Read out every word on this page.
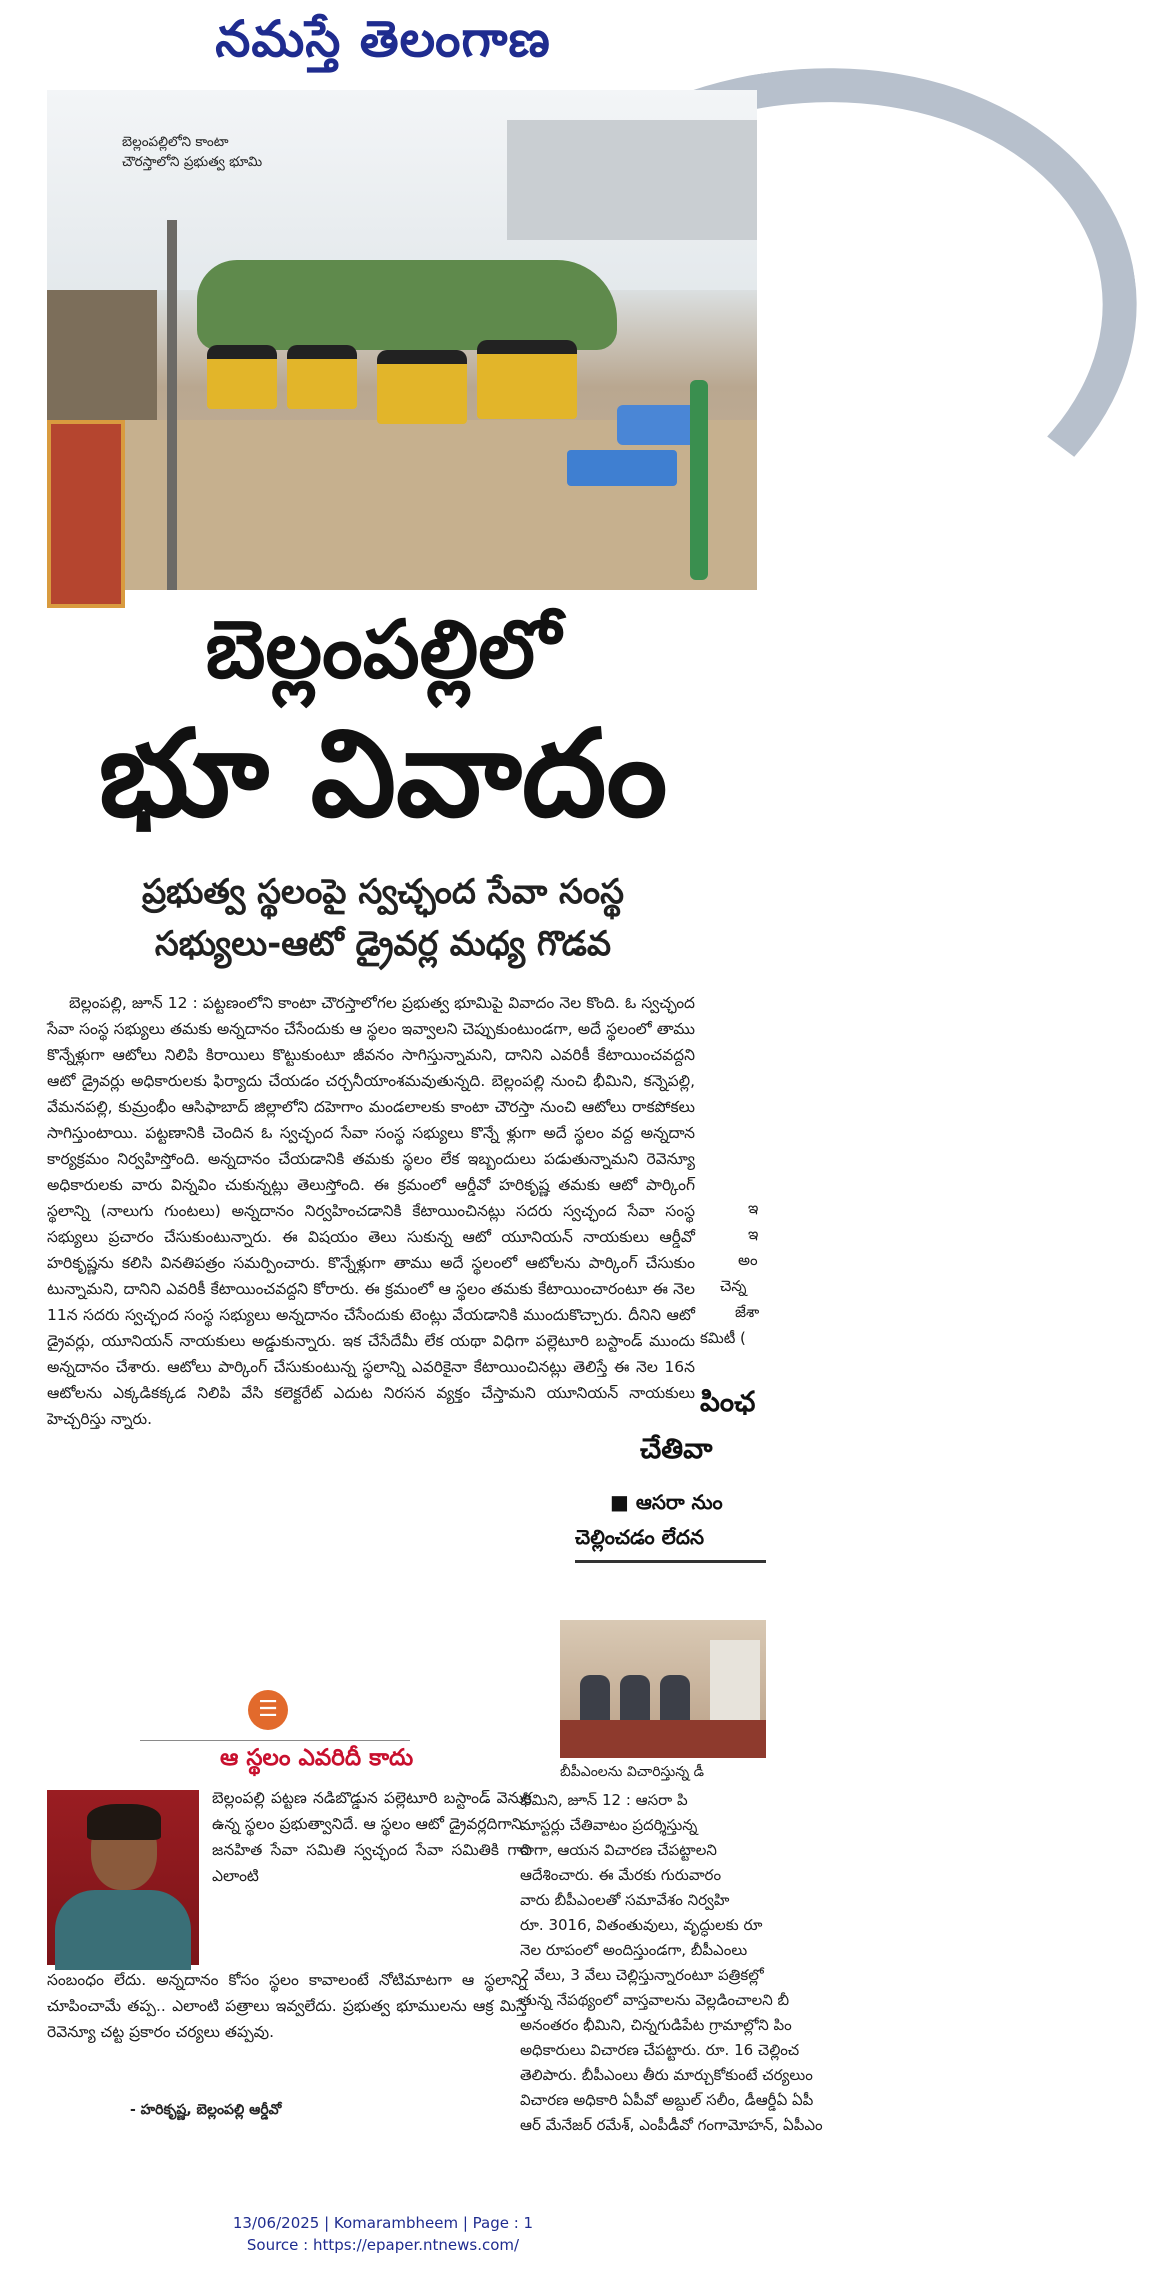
నమస్తే తెలంగాణ
బెల్లంపల్లిలోని కాంటా
చౌరస్తాలోని ప్రభుత్వ భూమి
బెల్లంపల్లిలో
భూ వివాదం
ప్రభుత్వ స్థలంపై స్వచ్ఛంద సేవా సంస్థ
సభ్యులు-ఆటో డ్రైవర్ల మధ్య గొడవ

బెల్లంపల్లి, జూన్ 12 : పట్టణంలోని కాంటా చౌరస్తాలోగల ప్రభుత్వ భూమిపై వివాదం నెల కొంది. ఓ స్వచ్ఛంద సేవా సంస్థ సభ్యులు తమకు అన్నదానం చేసేందుకు ఆ స్థలం ఇవ్వాలని చెప్పుకుంటుండగా, అదే స్థలంలో తాము కొన్నేళ్లుగా ఆటోలు నిలిపి కిరాయిలు కొట్టుకుంటూ జీవనం సాగిస్తున్నామని, దానిని ఎవరికీ కేటాయించవద్దని ఆటో డ్రైవర్లు అధికారులకు ఫిర్యాదు చేయడం చర్చనీయాంశమవుతున్నది. బెల్లంపల్లి నుంచి భీమిని, కన్నెపల్లి, వేమనపల్లి, కుమ్రంభీం ఆసిఫాబాద్ జిల్లాలోని దహెగాం మండలాలకు కాంటా చౌరస్తా నుంచి ఆటోలు రాకపోకలు సాగిస్తుంటాయి. పట్టణానికి చెందిన ఓ స్వచ్ఛంద సేవా సంస్థ సభ్యులు కొన్నే ళ్లుగా అదే స్థలం వద్ద అన్నదాన కార్యక్రమం నిర్వహిస్తోంది. అన్నదానం చేయడానికి తమకు స్థలం లేక ఇబ్బందులు పడుతున్నామని రెవెన్యూ అధికారులకు వారు విన్నవిం చుకున్నట్లు తెలుస్తోంది. ఈ క్రమంలో ఆర్డీవో హరికృష్ణ తమకు ఆటో పార్కింగ్ స్థలాన్ని (నాలుగు గుంటలు) అన్నదానం నిర్వహించడానికి కేటాయించినట్లు సదరు స్వచ్ఛంద సేవా సంస్థ సభ్యులు ప్రచారం చేసుకుంటున్నారు. ఈ విషయం తెలు సుకున్న ఆటో యూనియన్ నాయకులు ఆర్డీవో హరికృష్ణను కలిసి వినతిపత్రం సమర్పించారు. కొన్నేళ్లుగా తాము అదే స్థలంలో ఆటోలను పార్కింగ్ చేసుకుం టున్నామని, దానిని ఎవరికీ కేటాయించవద్దని కోరారు. ఈ క్రమంలో ఆ స్థలం తమకు కేటాయించారంటూ ఈ నెల 11న సదరు స్వచ్ఛంద సంస్థ సభ్యులు అన్నదానం చేసేందుకు టెంట్లు వేయడానికి ముందుకొచ్చారు. దీనిని ఆటో డ్రైవర్లు, యూనియన్ నాయకులు అడ్డుకున్నారు. ఇక చేసేదేమీ లేక యథా విధిగా పల్లెటూరి బస్టాండ్ ముందు అన్నదానం చేశారు. ఆటోలు పార్కింగ్ చేసుకుంటున్న స్థలాన్ని ఎవరికైనా కేటాయించినట్లు తెలిస్తే ఈ నెల 16న ఆటోలను ఎక్కడికక్కడ నిలిపి వేసి కలెక్టరేట్ ఎదుట నిరసన వ్యక్తం చేస్తామని యూనియన్ నాయకులు హెచ్చరిస్తు న్నారు.

ఇ
ఇ
అం
చెన్న
జేశా
కమిటీ (
పింఛ
చేతివా
■ ఆసరా నుం
చెల్లించడం లేదన
బీపీఎంలను విచారిస్తున్న డీ
భీమిని, జూన్ 12 : ఆసరా పి
మాస్టర్లు చేతివాటం ప్రదర్శిస్తున్న
రాగా, ఆయన విచారణ చేపట్టాలని
ఆదేశించారు. ఈ మేరకు గురువారం
వారు బీపీఎంలతో సమావేశం నిర్వహి
రూ. 3016, వితంతువులు, వృద్ధులకు రూ
నెల రూపంలో అందిస్తుండగా, బీపీఎంలు
2 వేలు, 3 వేలు చెల్లిస్తున్నారంటూ పత్రికల్లో
తున్న నేపథ్యంలో వాస్తవాలను వెల్లడించాలని బీ
అనంతరం భీమిని, చిన్నగుడిపేట గ్రామాల్లోని పిం
అధికారులు విచారణ చేపట్టారు. రూ. 16 చెల్లించ
తెలిపారు. బీపీఎంలు తీరు మార్చుకోకుంటే చర్యలుం
విచారణ అధికారి ఏపీవో అబ్దుల్ సలీం, డీఆర్డీఏ ఏపీ
ఆర్ మేనేజర్ రమేశ్, ఎంపీడీవో గంగామోహన్, ఏపీఎం
☰
ఆ స్థలం ఎవరిదీ కాదు
బెల్లంపల్లి పట్టణ నడిబొడ్డున పల్లెటూరి బస్టాండ్ వెనుక ఉన్న స్థలం ప్రభుత్వానిదే. ఆ స్థలం ఆటో డ్రైవర్లదిగాని.. జనహిత సేవా సమితి స్వచ్ఛంద సేవా సమితికి గాని ఎలాంటి
సంబంధం లేదు. అన్నదానం కోసం స్థలం కావాలంటే నోటిమాటగా ఆ స్థలాన్ని చూపించామే తప్ప.. ఎలాంటి పత్రాలు ఇవ్వలేదు. ప్రభుత్వ భూములను ఆక్ర మిస్తే రెవెన్యూ చట్ట ప్రకారం చర్యలు తప్పవు.
- హరికృష్ణ, బెల్లంపల్లి ఆర్డీవో
13/06/2025 | Komarambheem | Page : 1
Source : https://epaper.ntnews.com/
